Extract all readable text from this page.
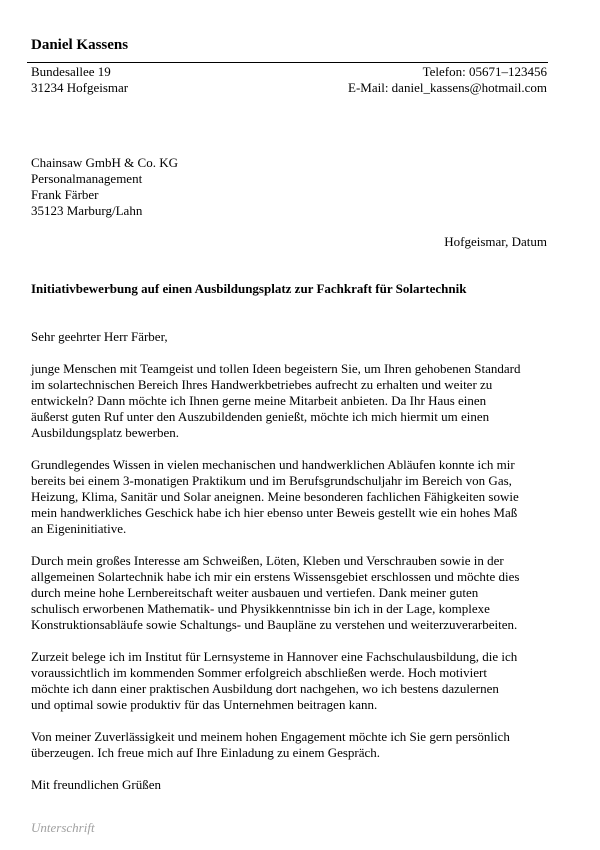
Daniel Kassens
Bundesallee 19
31234 Hofgeismar
Telefon: 05671–123456
E-Mail: daniel_kassens@hotmail.com
Chainsaw GmbH & Co. KG
Personalmanagement
Frank Färber
35123 Marburg/Lahn
Hofgeismar, Datum
Initiativbewerbung auf einen Ausbildungsplatz zur Fachkraft für Solartechnik

Sehr geehrter Herr Färber,

junge Menschen mit Teamgeist und tollen Ideen begeistern Sie, um Ihren gehobenen Standard
im solartechnischen Bereich Ihres Handwerkbetriebes aufrecht zu erhalten und weiter zu
entwickeln? Dann möchte ich Ihnen gerne meine Mitarbeit anbieten. Da Ihr Haus einen
äußerst guten Ruf unter den Auszubildenden genießt, möchte ich mich hiermit um einen
Ausbildungsplatz bewerben.

Grundlegendes Wissen in vielen mechanischen und handwerklichen Abläufen konnte ich mir
bereits bei einem 3-monatigen Praktikum und im Berufsgrundschuljahr im Bereich von Gas,
Heizung, Klima, Sanitär und Solar aneignen. Meine besonderen fachlichen Fähigkeiten sowie
mein handwerkliches Geschick habe ich hier ebenso unter Beweis gestellt wie ein hohes Maß
an Eigeninitiative.

Durch mein großes Interesse am Schweißen, Löten, Kleben und Verschrauben sowie in der
allgemeinen Solartechnik habe ich mir ein erstens Wissensgebiet erschlossen und möchte dies
durch meine hohe Lernbereitschaft weiter ausbauen und vertiefen. Dank meiner guten
schulisch erworbenen Mathematik- und Physikkenntnisse bin ich in der Lage, komplexe
Konstruktionsabläufe sowie Schaltungs- und Baupläne zu verstehen und weiterzuverarbeiten.

Zurzeit belege ich im Institut für Lernsysteme in Hannover eine Fachschulausbildung, die ich
voraussichtlich im kommenden Sommer erfolgreich abschließen werde. Hoch motiviert
möchte ich dann einer praktischen Ausbildung dort nachgehen, wo ich bestens dazulernen
und optimal sowie produktiv für das Unternehmen beitragen kann.

Von meiner Zuverlässigkeit und meinem hohen Engagement möchte ich Sie gern persönlich
überzeugen. Ich freue mich auf Ihre Einladung zu einem Gespräch.

Mit freundlichen Grüßen

Unterschrift
